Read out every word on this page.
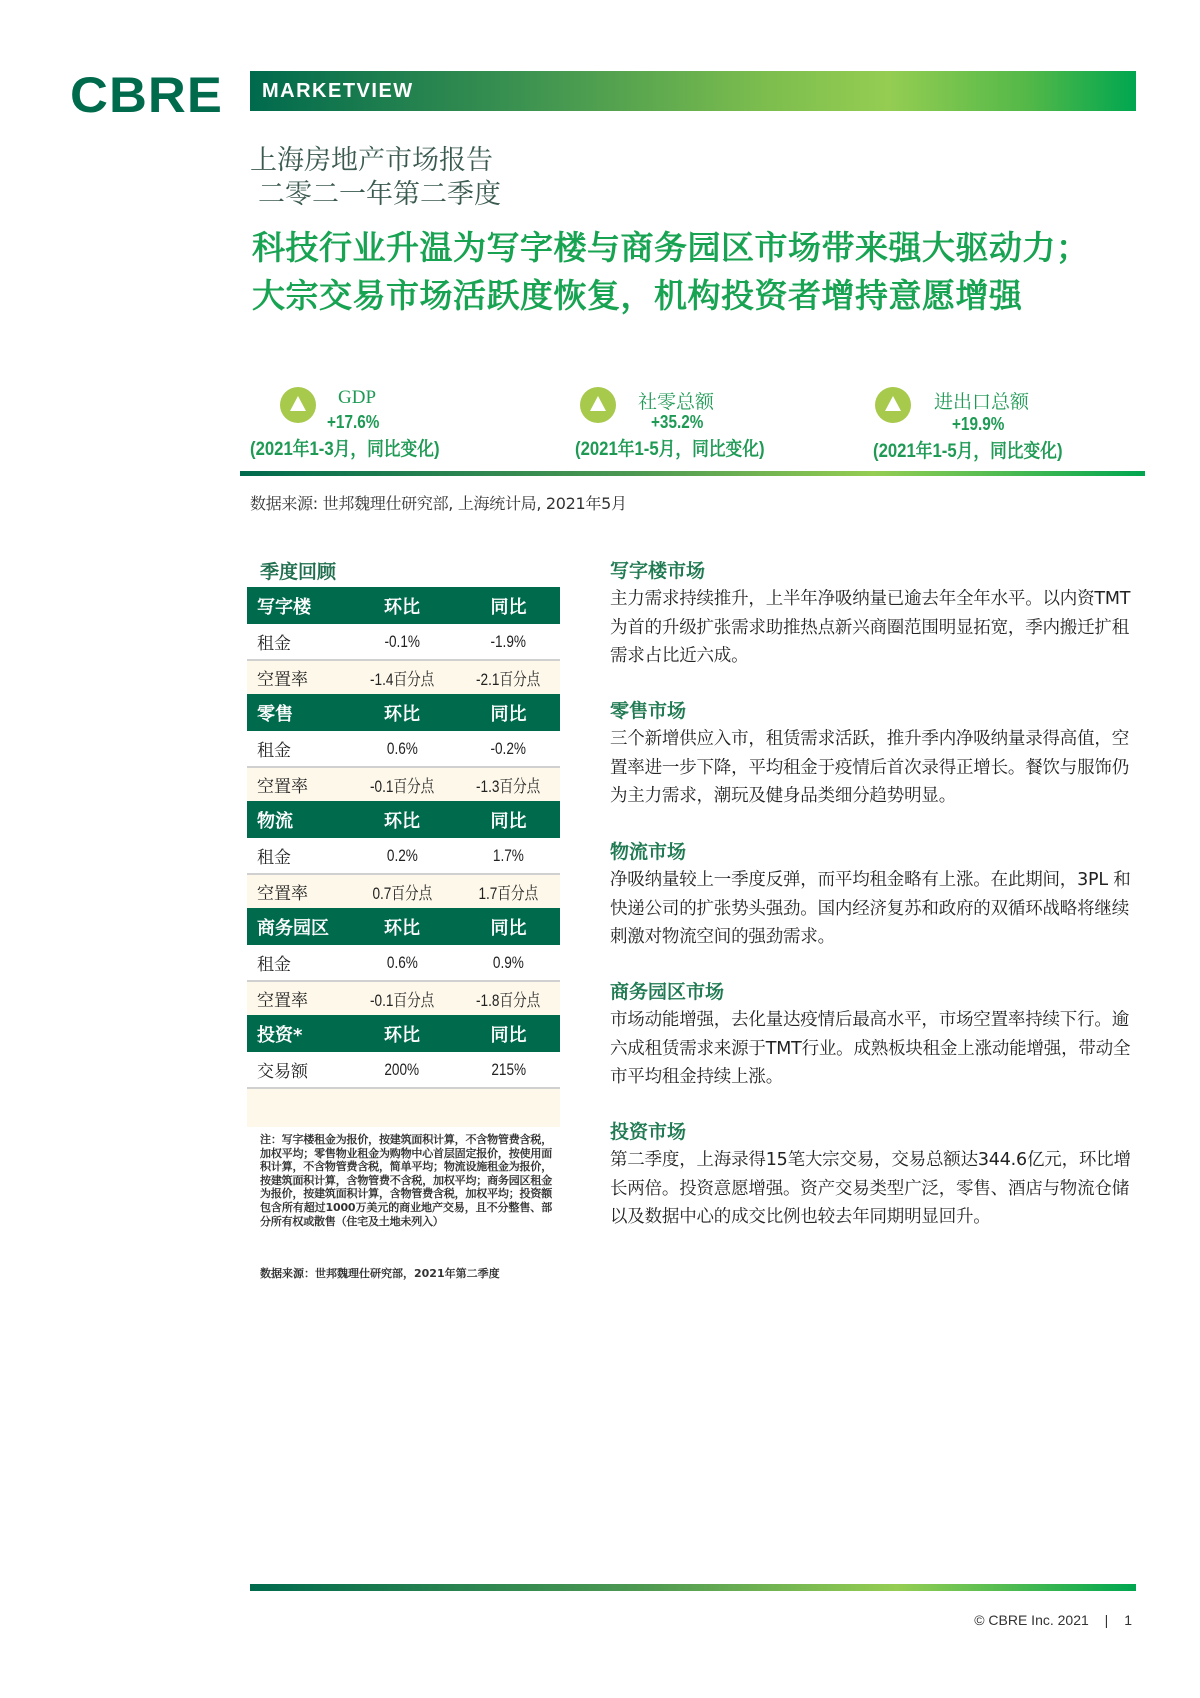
CBRE MARKETVIEW
上海房地产市场报告
二零二一年第二季度
科技行业升温为写字楼与商务园区市场带来强大驱动力；
大宗交易市场活跃度恢复，机构投资者增持意愿增强
GDP
+17.6%
(2021年1-3月，同比变化)
社零总额
+35.2%
(2021年1-5月，同比变化)
进出口总额
+19.9%
(2021年1-5月，同比变化)
数据来源: 世邦魏理仕研究部, 上海统计局, 2021年5月
季度回顾
写字楼	环比	同比
租金	-0.1%	-1.9%
空置率	-1.4百分点	-2.1百分点
零售	环比	同比
租金	0.6%	-0.2%
空置率	-0.1百分点	-1.3百分点
物流	环比	同比
租金	0.2%	1.7%
空置率	0.7百分点	1.7百分点
商务园区	环比	同比
租金	0.6%	0.9%
空置率	-0.1百分点	-1.8百分点
投资*	环比	同比
交易额	200%	215%
注：写字楼租金为报价，按建筑面积计算，不含物管费含税，加权平均；零售物业租金为购物中心首层固定报价，按使用面积计算，不含物管费含税，简单平均；物流设施租金为报价，按建筑面积计算，含物管费不含税，加权平均；商务园区租金为报价，按建筑面积计算，含物管费含税，加权平均；投资额包含所有超过1000万美元的商业地产交易，且不分整售、部分所有权或散售（住宅及土地未列入）
数据来源：世邦魏理仕研究部，2021年第二季度
写字楼市场
主力需求持续推升，上半年净吸纳量已逾去年全年水平。以内资TMT为首的升级扩张需求助推热点新兴商圈范围明显拓宽，季内搬迁扩租需求占比近六成。
零售市场
三个新增供应入市，租赁需求活跃，推升季内净吸纳量录得高值，空置率进一步下降，平均租金于疫情后首次录得正增长。餐饮与服饰仍为主力需求，潮玩及健身品类细分趋势明显。
物流市场
净吸纳量较上一季度反弹，而平均租金略有上涨。在此期间，3PL 和快递公司的扩张势头强劲。国内经济复苏和政府的双循环战略将继续刺激对物流空间的强劲需求。
商务园区市场
市场动能增强，去化量达疫情后最高水平，市场空置率持续下行。逾六成租赁需求来源于TMT行业。成熟板块租金上涨动能增强，带动全市平均租金持续上涨。
投资市场
第二季度，上海录得15笔大宗交易，交易总额达344.6亿元，环比增长两倍。投资意愿增强。资产交易类型广泛，零售、酒店与物流仓储以及数据中心的成交比例也较去年同期明显回升。
© CBRE Inc. 2021 | 1
